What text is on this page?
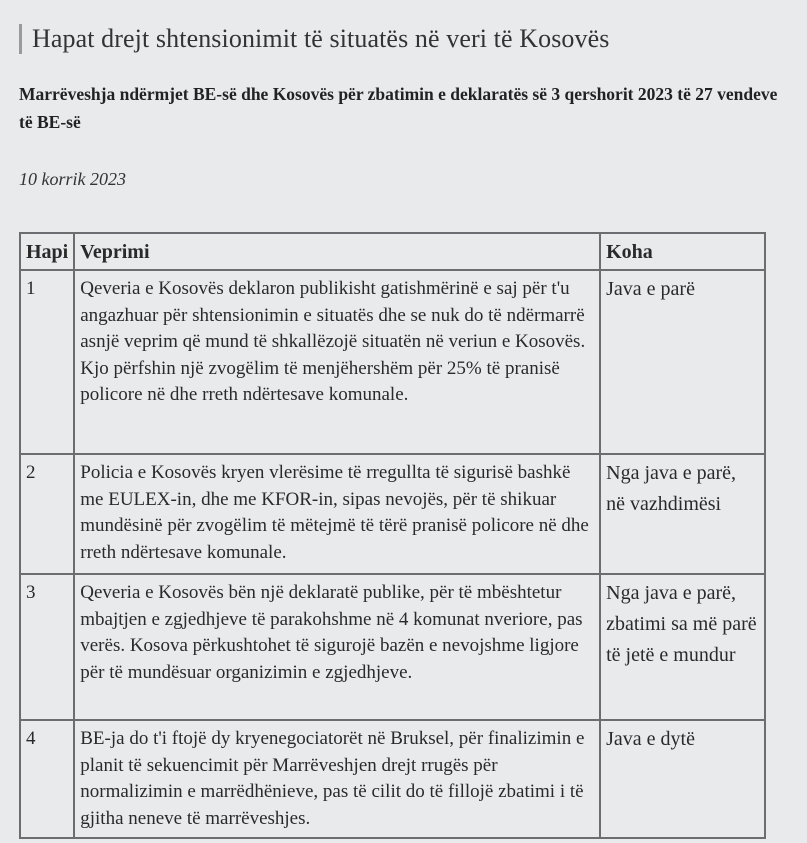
Hapat drejt shtensionimit të situatës në veri të Kosovës

Marrëveshja ndërmjet BE-së dhe Kosovës për zbatimin e deklaratës së 3 qershorit 2023 të 27 vendeve të BE-së

10 korrik 2023
Hapi	Veprimi	Koha
1	Qeveria e Kosovës deklaron publikisht gatishmërinë e saj për t'u angazhuar për shtensionimin e situatës dhe se nuk do të ndërmarrë asnjë veprim që mund të shkallëzojë situatën në veriun e Kosovës. Kjo përfshin një zvogëlim të menjëhershëm për 25% të pranisë policore në dhe rreth ndërtesave komunale.	Java e parë
2	Policia e Kosovës kryen vlerësime të rregullta të sigurisë bashkë me EULEX-in, dhe me KFOR-in, sipas nevojës, për të shikuar mundësinë për zvogëlim të mëtejmë të tërë pranisë policore në dhe rreth ndërtesave komunale.	Nga java e parë, në vazhdimësi
3	Qeveria e Kosovës bën një deklaratë publike, për të mbështetur mbajtjen e zgjedhjeve të parakohshme në 4 komunat nveriore, pas verës. Kosova përkushtohet të sigurojë bazën e nevojshme ligjore për të mundësuar organizimin e zgjedhjeve.	Nga java e parë, zbatimi sa më parë të jetë e mundur
4	BE-ja do t'i ftojë dy kryenegociatorët në Bruksel, për finalizimin e planit të sekuencimit për Marrëveshjen drejt rrugës për normalizimin e marrëdhënieve, pas të cilit do të fillojë zbatimi i të gjitha neneve të marrëveshjes.	Java e dytë
